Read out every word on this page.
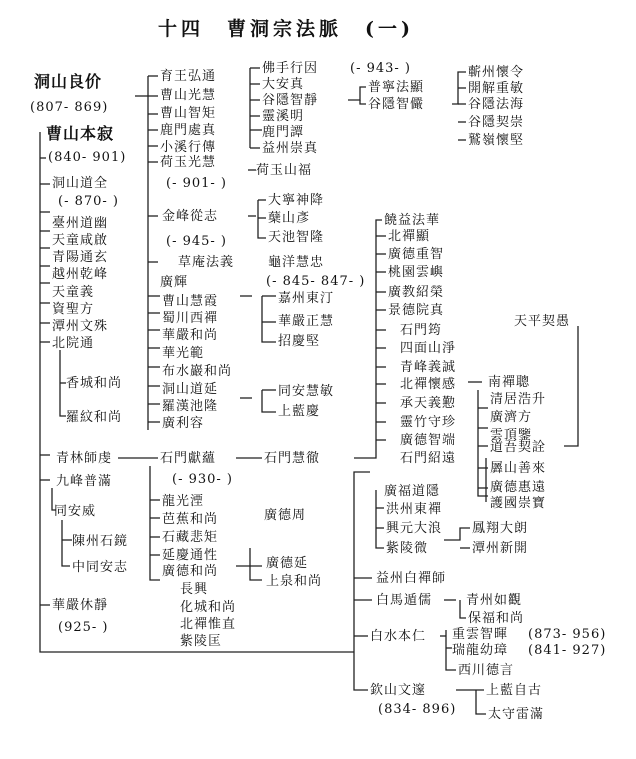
十四　曹洞宗法脈　(一)
洞山良价
(807- 869)
曹山本寂
(840- 901)
洞山道全
(- 870- )
臺州道幽
天童咸啟
青陽通玄
越州乾峰
天童義
資聖方
潭州文殊
北院通
香城和尚
羅紋和尚
青林師虔
九峰普滿
同安威
陳州石鏡
中同安志
華嚴休靜
(925- )
育王弘通
曹山光慧
曹山智矩
鹿門處真
小溪行傳
荷玉光慧
(- 901- )
荷玉山福
金峰從志
(- 945- )
草庵法義	龜洋慧忠
廣輝	(- 845- 847- )
曹山慧霞
蜀川西禪
華嚴和尚
華光範
布水巖和尚
洞山道延
羅漢池隆
廣利容
嘉州東汀
華嚴正慧
招慶堅
同安慧敏
上藍慶
石門獻蘊
(- 930- )
石門慧徹
龍光湮
芭蕉和尚
石藏悲矩
延慶通性
廣德和尚
廣德周
廣德延
上泉和尚
長興
化城和尚
北禪惟直
紫陵匡
佛手行因 (- 943- )
大安真
谷隱智靜
靈溪明
鹿門譚
益州崇真
普寧法顯
谷隱智儼
蘄州懷令
開解重敏
谷隱法海
谷隱契崇
鷲嶺懷堅
大寧神降
蘖山彥
天池智隆
饒益法華
北禪顯
廣德重智
桃園雲嶼
廣教紹榮
景德院真
石門筠
四面山淨
青峰義誠
北禪懷感
承天義懃
靈竹守珍
廣德智端
石門紹遠
天平契愚
南禪聰
清居浩升
廣濟方
雲頂鑒
道吾契詮
羼山善來
廣德惠遠
護國崇寶
廣福道隱
洪州東禪
興元大浪
紫陵微
鳳翔大朗
潭州新開
益州白禪師
白馬遁儒	青州如觀
保福和尚
白水本仁 重雲智暉 (873- 956)
瑞龍幼璋 (841- 927)
西川德言
欽山文邃
(834- 896)
上藍自古
太守雷滿
